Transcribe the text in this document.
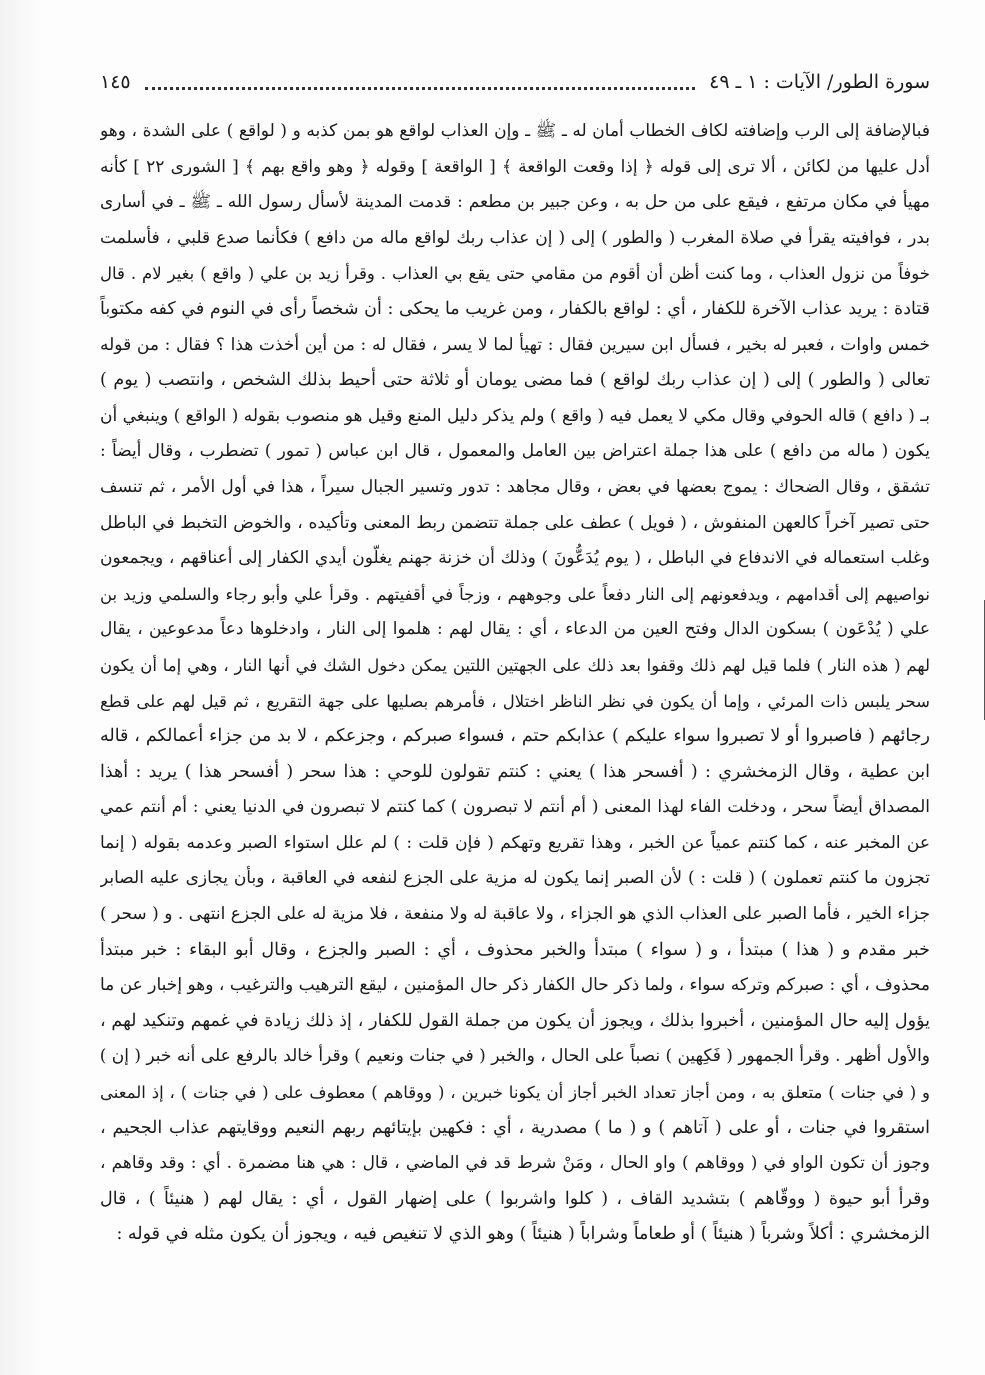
سورة الطور/ الآيات : ١ ـ ٤٩
١٤٥
فبالإضافة إلى الرب وإضافته لكاف الخطاب أمان له ـ ﷺ ـ وإن العذاب لواقع هو بمن كذبه و ( لواقع ) على الشدة ، وهو
أدل عليها من لكائن ، ألا ترى إلى قوله ﴿ إذا وقعت الواقعة ﴾ [ الواقعة ] وقوله ﴿ وهو واقع بهم ﴾ [ الشورى ٢٢ ] كأنه
مهيأ في مكان مرتفع ، فيقع على من حل به ، وعن جبير بن مطعم : قدمت المدينة لأسأل رسول الله ـ ﷺ ـ في أسارى
بدر ، فوافيته يقرأ في صلاة المغرب ( والطور ) إلى ( إن عذاب ربك لواقع ماله من دافع ) فكأنما صدع قلبي ، فأسلمت
خوفاً من نزول العذاب ، وما كنت أظن أن أقوم من مقامي حتى يقع بي العذاب . وقرأ زيد بن علي ( واقع ) بغير لام . قال
قتادة : يريد عذاب الآخرة للكفار ، أي : لواقع بالكفار ، ومن غريب ما يحكى : أن شخصاً رأى في النوم في كفه مكتوباً
خمس واوات ، فعبر له بخير ، فسأل ابن سيرين فقال : تهيأ لما لا يسر ، فقال له : من أين أخذت هذا ؟ فقال : من قوله
تعالى ( والطور ) إلى ( إن عذاب ربك لواقع ) فما مضى يومان أو ثلاثة حتى أحيط بذلك الشخص ، وانتصب ( يوم )
بـ ( دافع ) قاله الحوفي وقال مكي لا يعمل فيه ( واقع ) ولم يذكر دليل المنع وقيل هو منصوب بقوله ( الواقع ) وينبغي أن
يكون ( ماله من دافع ) على هذا جملة اعتراض بين العامل والمعمول ، قال ابن عباس ( تمور ) تضطرب ، وقال أيضاً :
تشقق ، وقال الضحاك : يموج بعضها في بعض ، وقال مجاهد : تدور وتسير الجبال سيراً ، هذا في أول الأمر ، ثم تنسف
حتى تصير آخراً كالعهن المنفوش ، ( فويل ) عطف على جملة تتضمن ربط المعنى وتأكيده ، والخوض التخبط في الباطل
وغلب استعماله في الاندفاع في الباطل ، ( يوم يُدَعُّونَ ) وذلك أن خزنة جهنم يغلّون أيدي الكفار إلى أعناقهم ، ويجمعون
نواصيهم إلى أقدامهم ، ويدفعونهم إلى النار دفعاً على وجوههم ، وزجاً في أقفيتهم . وقرأ علي وأبو رجاء والسلمي وزيد بن
علي ( يُدْعَون ) بسكون الدال وفتح العين من الدعاء ، أي : يقال لهم : هلموا إلى النار ، وادخلوها دعاً مدعوعين ، يقال
لهم ( هذه النار ) فلما قيل لهم ذلك وقفوا بعد ذلك على الجهتين اللتين يمكن دخول الشك في أنها النار ، وهي إما أن يكون
سحر يلبس ذات المرئي ، وإما أن يكون في نظر الناظر اختلال ، فأمرهم بصليها على جهة التقريع ، ثم قيل لهم على قطع
رجائهم ( فاصبروا أو لا تصبروا سواء عليكم ) عذابكم حتم ، فسواء صبركم ، وجزعكم ، لا بد من جزاء أعمالكم ، قاله
ابن عطية ، وقال الزمخشري : ( أفسحر هذا ) يعني : كنتم تقولون للوحي : هذا سحر ( أفسحر هذا ) يريد : أهذا
المصداق أيضاً سحر ، ودخلت الفاء لهذا المعنى ( أم أنتم لا تبصرون ) كما كنتم لا تبصرون في الدنيا يعني : أم أنتم عمي
عن المخبر عنه ، كما كنتم عمياً عن الخبر ، وهذا تقريع وتهكم ( فإن قلت : ) لم علل استواء الصبر وعدمه بقوله ( إنما
تجزون ما كنتم تعملون ) ( قلت : ) لأن الصبر إنما يكون له مزية على الجزع لنفعه في العاقبة ، وبأن يجازى عليه الصابر
جزاء الخير ، فأما الصبر على العذاب الذي هو الجزاء ، ولا عاقبة له ولا منفعة ، فلا مزية له على الجزع انتهى . و ( سحر )
خبر مقدم و ( هذا ) مبتدأ ، و ( سواء ) مبتدأ والخبر محذوف ، أي : الصبر والجزع ، وقال أبو البقاء : خبر مبتدأ
محذوف ، أي : صبركم وتركه سواء ، ولما ذكر حال الكفار ذكر حال المؤمنين ، ليقع الترهيب والترغيب ، وهو إخبار عن ما
يؤول إليه حال المؤمنين ، أخبروا بذلك ، ويجوز أن يكون من جملة القول للكفار ، إذ ذلك زيادة في غمهم وتنكيد لهم ،
والأول أظهر . وقرأ الجمهور ( فَكِهين ) نصباً على الحال ، والخبر ( في جنات ونعيم ) وقرأ خالد بالرفع على أنه خبر ( إن )
و ( في جنات ) متعلق به ، ومن أجاز تعداد الخبر أجاز أن يكونا خبرين ، ( ووقاهم ) معطوف على ( في جنات ) ، إذ المعنى
استقروا في جنات ، أو على ( آتاهم ) و ( ما ) مصدرية ، أي : فكهين بإيتائهم ربهم النعيم ووقايتهم عذاب الجحيم ،
وجوز أن تكون الواو في ( ووقاهم ) واو الحال ، ومَنْ شرط قد في الماضي ، قال : هي هنا مضمرة . أي : وقد وقاهم ،
وقرأ أبو حيوة ( ووقّاهم ) بتشديد القاف ، ( كلوا واشربوا ) على إضهار القول ، أي : يقال لهم ( هنيئاً ) ، قال
الزمخشري : أكلاً وشرباً ( هنيئاً ) أو طعاماً وشراباً ( هنيئاً ) وهو الذي لا تنغيص فيه ، ويجوز أن يكون مثله في قوله :
